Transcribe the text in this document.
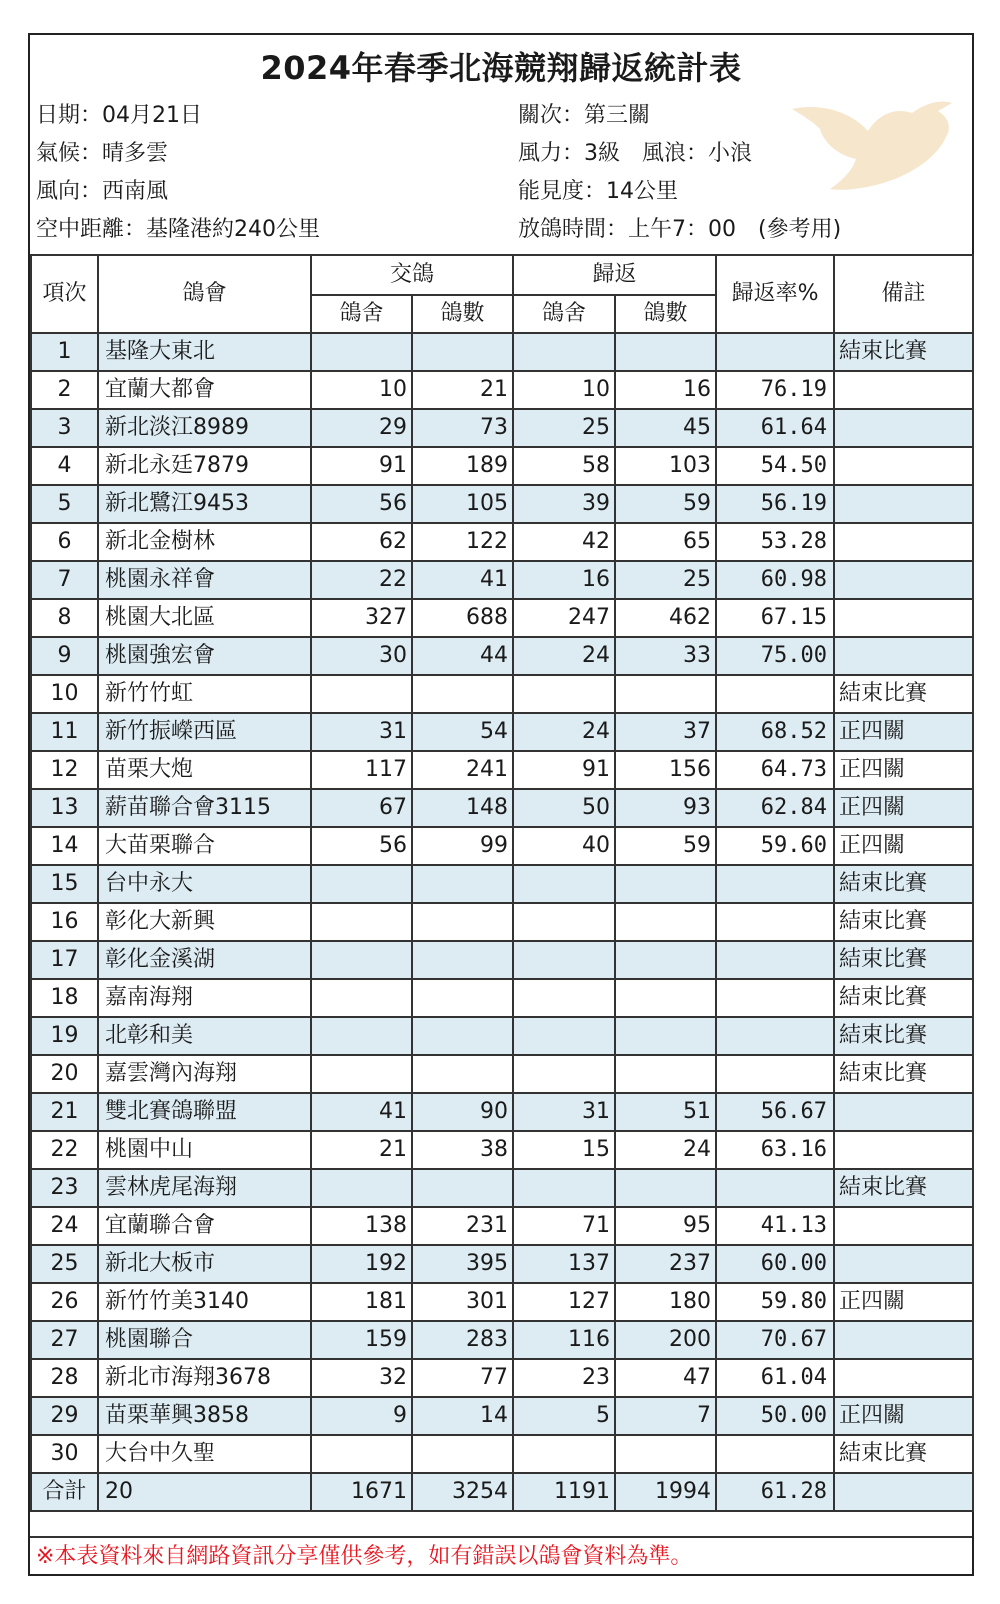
2024年春季北海競翔歸返統計表
日期：04月21日	關次：第三關
氣候：晴多雲	風力：3級　風浪：小浪
風向：西南風	能見度：14公里
空中距離：基隆港約240公里	放鴿時間：上午7：00　(參考用)
項次	鴿會	交鴿		歸返		歸返率%	備註
		鴿舍	鴿數	鴿舍	鴿數		
1	基隆大東北						結束比賽
2	宜蘭大都會	10	21	10	16	76.19	
3	新北淡江8989	29	73	25	45	61.64	
4	新北永廷7879	91	189	58	103	54.50	
5	新北鷺江9453	56	105	39	59	56.19	
6	新北金樹林	62	122	42	65	53.28	
7	桃園永祥會	22	41	16	25	60.98	
8	桃園大北區	327	688	247	462	67.15	
9	桃園強宏會	30	44	24	33	75.00	
10	新竹竹虹						結束比賽
11	新竹振嶸西區	31	54	24	37	68.52	正四關
12	苗栗大炮	117	241	91	156	64.73	正四關
13	薪苗聯合會3115	67	148	50	93	62.84	正四關
14	大苗栗聯合	56	99	40	59	59.60	正四關
15	台中永大						結束比賽
16	彰化大新興						結束比賽
17	彰化金溪湖						結束比賽
18	嘉南海翔						結束比賽
19	北彰和美						結束比賽
20	嘉雲灣內海翔						結束比賽
21	雙北賽鴿聯盟	41	90	31	51	56.67	
22	桃園中山	21	38	15	24	63.16	
23	雲林虎尾海翔						結束比賽
24	宜蘭聯合會	138	231	71	95	41.13	
25	新北大板市	192	395	137	237	60.00	
26	新竹竹美3140	181	301	127	180	59.80	正四關
27	桃園聯合	159	283	116	200	70.67	
28	新北市海翔3678	32	77	23	47	61.04	
29	苗栗華興3858	9	14	5	7	50.00	正四關
30	大台中久聖						結束比賽
合計	20	1671	3254	1191	1994	61.28	
※本表資料來自網路資訊分享僅供參考，如有錯誤以鴿會資料為準。
